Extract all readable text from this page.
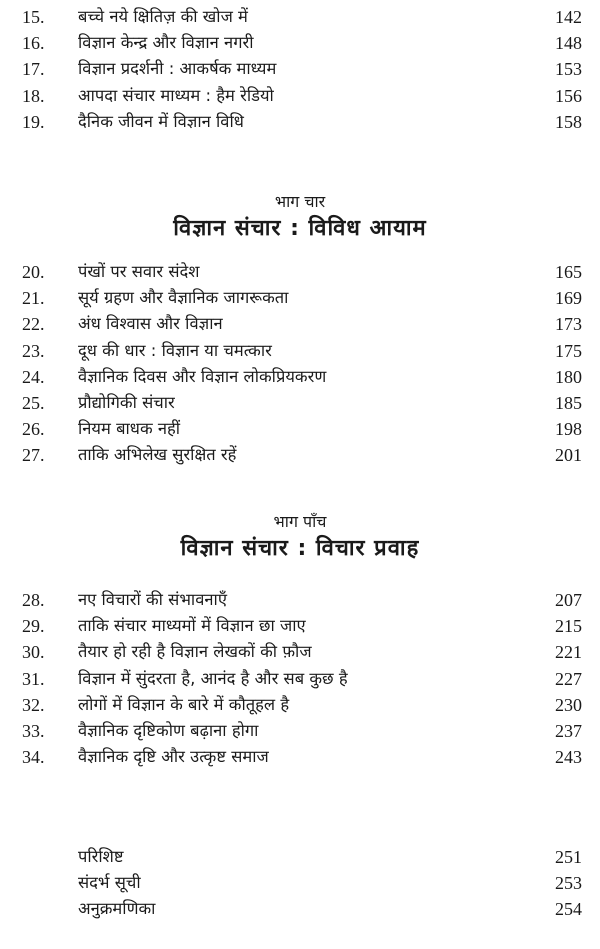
15. बच्चे नये क्षितिज़ की खोज में	142
16. विज्ञान केन्द्र और विज्ञान नगरी	148
17. विज्ञान प्रदर्शनी : आकर्षक माध्यम	153
18. आपदा संचार माध्यम : हैम रेडियो	156
19. दैनिक जीवन में विज्ञान विधि	158
भाग चार
विज्ञान संचार : विविध आयाम
20. पंखों पर सवार संदेश	165
21. सूर्य ग्रहण और वैज्ञानिक जागरूकता	169
22. अंध विश्वास और विज्ञान	173
23. दूध की धार : विज्ञान या चमत्कार	175
24. वैज्ञानिक दिवस और विज्ञान लोकप्रियकरण	180
25. प्रौद्योगिकी संचार	185
26. नियम बाधक नहीं	198
27. ताकि अभिलेख सुरक्षित रहें	201
भाग पाँच
विज्ञान संचार : विचार प्रवाह
28. नए विचारों की संभावनाएँ	207
29. ताकि संचार माध्यमों में विज्ञान छा जाए	215
30. तैयार हो रही है विज्ञान लेखकों की फ़ौज	221
31. विज्ञान में सुंदरता है, आनंद है और सब कुछ है	227
32. लोगों में विज्ञान के बारे में कौतूहल है	230
33. वैज्ञानिक दृष्टिकोण बढ़ाना होगा	237
34. वैज्ञानिक दृष्टि और उत्कृष्ट समाज	243
परिशिष्ट	251
संदर्भ सूची	253
अनुक्रमणिका	254
